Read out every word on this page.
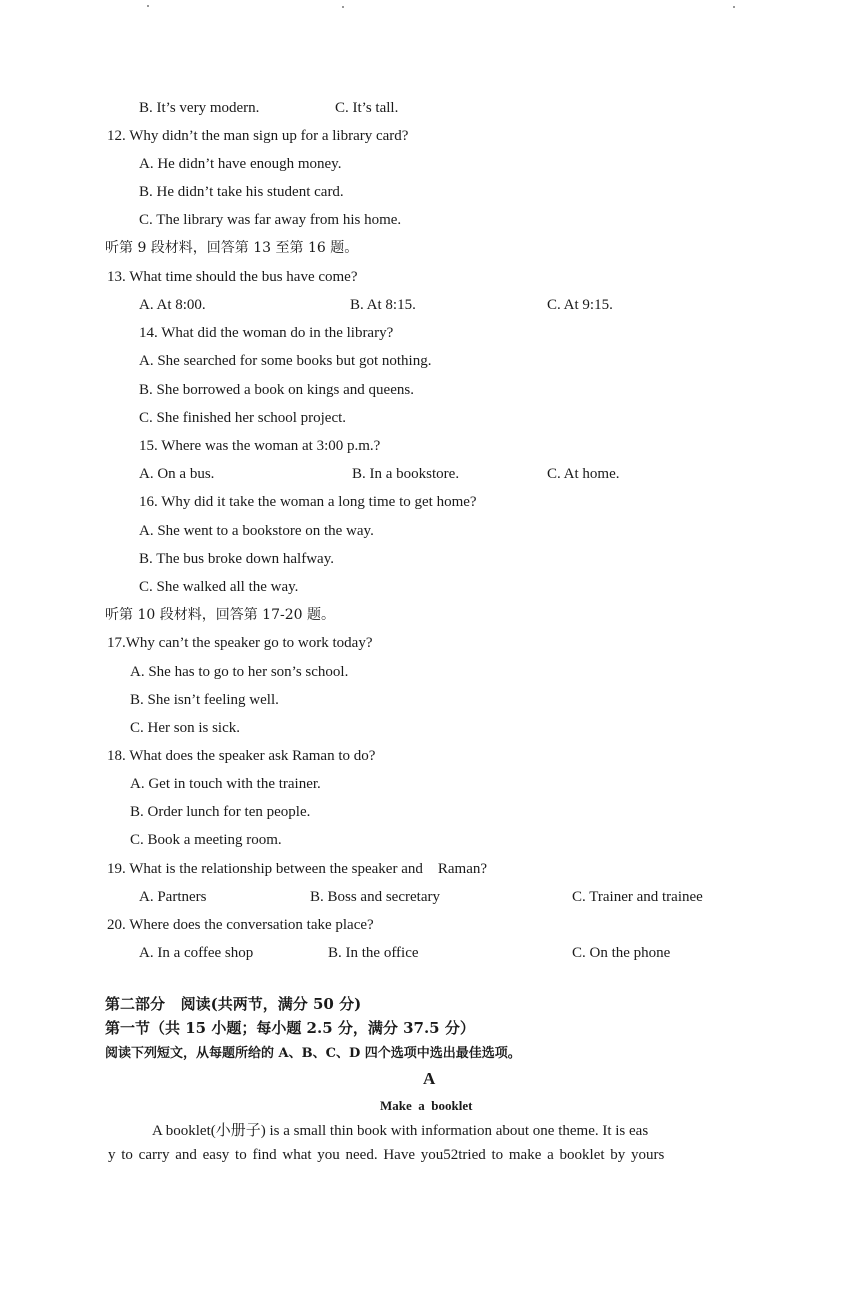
B. It’s very modern.	C. It’s tall.
12. Why didn’t the man sign up for a library card?
A. He didn’t have enough money.
B. He didn’t take his student card.
C. The library was far away from his home.
听第 9 段材料，回答第 13 至第 16 题。
13. What time should the bus have come?
A. At 8:00.	B. At 8:15.	C. At 9:15.
14. What did the woman do in the library?
A. She searched for some books but got nothing.
B. She borrowed a book on kings and queens.
C. She finished her school project.
15. Where was the woman at 3:00 p.m.?
A. On a bus.	B. In a bookstore.	C. At home.
16. Why did it take the woman a long time to get home?
A. She went to a bookstore on the way.
B. The bus broke down halfway.
C. She walked all the way.
听第 10 段材料，回答第 17-20 题。
17.Why can’t the speaker go to work today?
A. She has to go to her son’s school.
B. She isn’t feeling well.
C. Her son is sick.
18. What does the speaker ask Raman to do?
A. Get in touch with the trainer.
B. Order lunch for ten people.
C. Book a meeting room.
19. What is the relationship between the speaker and    Raman?
A. Partners	B. Boss and secretary	C. Trainer and trainee
20. Where does the conversation take place?
A. In a coffee shop	B. In the office	C. On the phone
第二部分   阅读(共两节，满分 50 分)
第一节（共 15 小题；每小题 2.5 分，满分 37.5 分）
阅读下列短文，从每题所给的 A、B、C、D 四个选项中选出最佳选项。
A
Make  a  booklet
A booklet(小册子) is a small thin book with information about one theme. It is eas
y to carry and easy to find what you need. Have you52tried to make a booklet by yours
